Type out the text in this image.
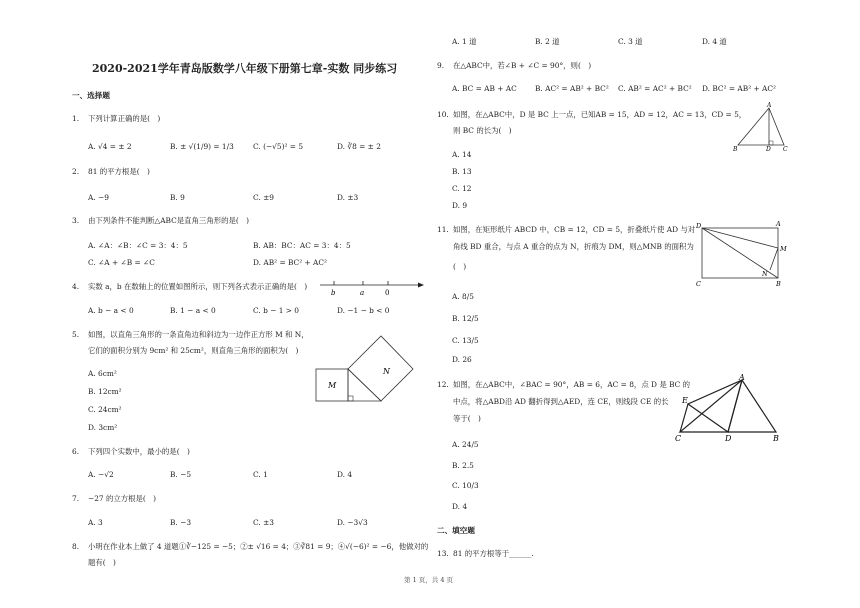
2020-2021学年青岛版数学八年级下册第七章-实数 同步练习
一、选择题
1. 下列计算正确的是(　)
A. √4 = ± 2	B. ± √(1/9) = 1/3	C. (−√5)² = 5	D. ∛8 = ± 2
2. 81 的平方根是(　)
A. −9	B. 9	C. ±9	D. ±3
3. 由下列条件不能判断△ABC是直角三角形的是(　)
A. ∠A：∠B：∠C = 3：4：5	B. AB：BC：AC = 3：4：5
C. ∠A + ∠B = ∠C	D. AB² = BC² + AC²
4. 实数 a，b 在数轴上的位置如图所示，则下列各式表示正确的是(　)
b	a	0
A. b − a < 0	B. 1 − a < 0	C. b − 1 > 0	D. −1 − b < 0
5. 如图，以直角三角形的一条直角边和斜边为一边作正方形 M 和 N，
它们的面积分别为 9cm² 和 25cm²，则直角三角形的面积为(　)
M
N
A. 6cm²
B. 12cm²
C. 24cm²
D. 3cm²
6. 下列四个实数中，最小的是(　)
A. −√2	B. −5	C. 1	D. 4
7. −27 的立方根是(　)
A. 3	B. −3	C. ±3	D. −3√3
8. 小明在作业本上做了 4 道题①∛−125 = −5；②± √16 = 4；③∛81 = 9；④√(−6)² = −6，他做对的
题有(　)
A. 1 道	B. 2 道	C. 3 道	D. 4 道
9. 在△ABC中，若∠B + ∠C = 90°，则(　)
A. BC = AB + AC B. AC² = AB² + BC² C. AB² = AC² + BC² D. BC² = AB² + AC²
10. 如图，在△ABC中，D 是 BC 上一点，已知AB = 15，AD = 12，AC = 13，CD = 5，
则 BC 的长为(　)
A
B	D C
A. 14
B. 13
C. 12
D. 9
11. 如图，在矩形纸片 ABCD 中，CB = 12，CD = 5，折叠纸片使 AD 与对
角线 BD 重合，与点 A 重合的点为 N，折痕为 DM，则△MNB 的面积为
(　)
D	A
M
N
C	B
A. 8/5
B. 12/5
C. 13/5
D. 26
12. 如图，在△ABC中，∠BAC = 90°，AB = 6，AC = 8，点 D 是 BC 的
中点，将△ABD沿 AD 翻折得到△AED，连 CE，则线段 CE 的长
等于(　)
A
E
C	D	B
A. 24/5
B. 2.5
C. 10/3
D. 4
二、填空题
13. 81 的平方根等于______.
第 1 页，共 4 页
